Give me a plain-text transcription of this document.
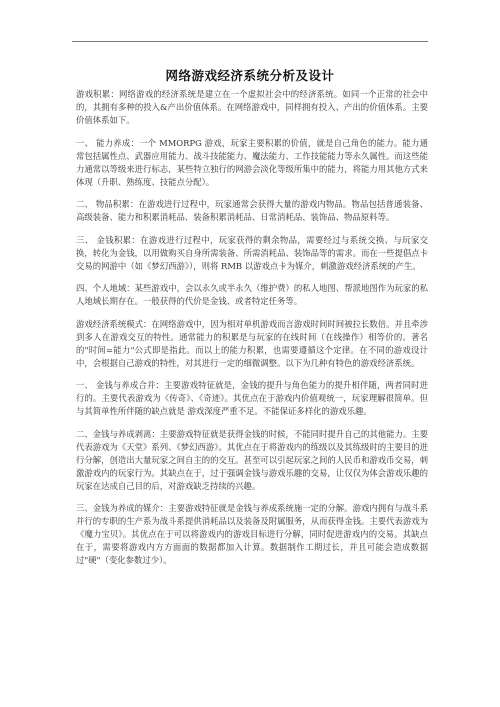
网络游戏经济系统分析及设计

游戏积累：网络游戏的经济系统是建立在一个虚拟社会中的经济系统。如同一个正常的社会中的，其拥有多种的投入&产出价值体系。在网络游戏中，同样拥有投入、产出的价值体系。主要价值体系如下。

一、 能力养成：一个 MMORPG 游戏，玩家主要积累的价值，就是自己角色的能力。能力通常包括属性点、武器应用能力、战斗技能能力、魔法能力、工作技能能力等永久属性。而这些能力通常以等级来进行标志，某些特立独行的网游会淡化等级所集中的能力，将能力用其他方式来体现（升职、熟练度、技能点分配）。

二、 物品积累：在游戏进行过程中，玩家通常会获得大量的游戏内物品。物品包括普通装备、高级装备、能力和积累消耗品、装备积累消耗品、日常消耗品、装饰品、物品原料等。

三、 金钱积累：在游戏进行过程中，玩家获得的剩余物品，需要经过与系统交换、与玩家交换，转化为金钱，以用做购买自身所需装备、所需消耗品、装饰品等的需求。而在一些提倡点卡交易的网游中（如《梦幻西游》），则将 RMB 以游戏点卡为媒介，刺激游戏经济系统的产生。

四、个人地域：某些游戏中，会以永久或半永久（维护费）的私人地图、帮派地图作为玩家的私人地域长期存在。一般获得的代价是金钱、或者特定任务等。

游戏经济系统模式：在网络游戏中，因为相对单机游戏而言游戏时间时间被拉长数倍。并且牵涉到多人在游戏交互的特性。通常能力的积累是与玩家的在线时间（在线操作）相等价的。著名的"时间=能力"公式即是指此。而以上的能力积累，也需要遵循这个定律。在不同的游戏设计中，会根据自己游戏的特性，对其进行一定的细微调整。以下为几种有特色的游戏经济系统。

一、 金钱与养成合并：主要游戏特征就是，金钱的提升与角色能力的提升相伴随，两者同时进行的。主要代表游戏为《传奇》、《奇迹》。其优点在于游戏内价值观统一，玩家理解很简单。但与其简单性所伴随的缺点就是 游戏深度严重不足。不能保证多样化的游戏乐趣。

二、金钱与养成剥离：主要游戏特征就是获得金钱的时候，不能同时提升自己的其他能力。主要代表游戏为《天堂》系列、《梦幻西游》。其优点在于将游戏内的练级以及其练级时的主要目的进行分解，创造出大量玩家之间自主的的交互。甚至可以引起玩家之间的人民币和游戏币交易，刺激游戏内的玩家行为。其缺点在于，过于强调金钱与游戏乐趣的交易，让仅仅为体会游戏乐趣的玩家在达成自己目的后，对游戏缺乏持续的兴趣。

三、金钱为养成的媒介：主要游戏特征就是金钱与养成系统施一定的分解。游戏内拥有与战斗系并行的专职的生产系为战斗系提供消耗品以及装备及附属服务，从而获得金钱。主要代表游戏为《魔力宝贝》。其优点在于可以将游戏内的游戏目标进行分解，同时促进游戏内的交易。其缺点在于，需要将游戏内方方面面的数据都加入计算。数据制作工期过长，并且可能会造成数据过"硬"（变化参数过少）。
